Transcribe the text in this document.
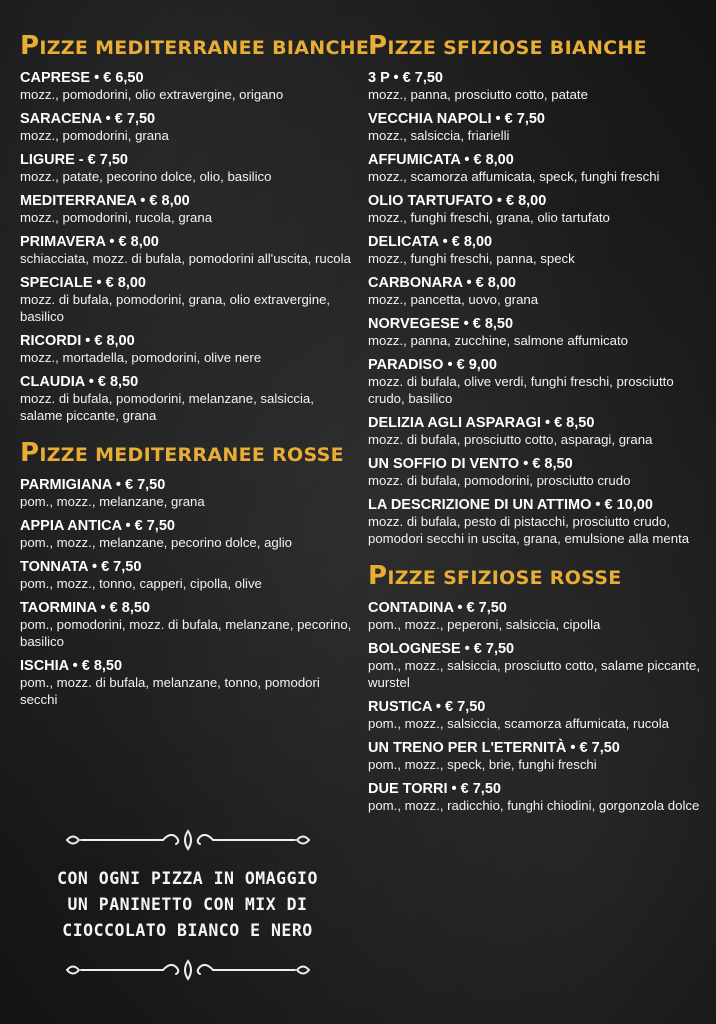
PIZZE MEDITERRANEE BIANCHE
CAPRESE • € 6,50
mozz., pomodorini, olio extravergine, origano
SARACENA • € 7,50
mozz., pomodorini, grana
LIGURE - € 7,50
mozz., patate, pecorino dolce, olio, basilico
MEDITERRANEA • € 8,00
mozz., pomodorini, rucola, grana
PRIMAVERA • € 8,00
schiacciata, mozz. di bufala, pomodorini all'uscita, rucola
SPECIALE • € 8,00
mozz. di bufala, pomodorini, grana, olio extravergine, basilico
RICORDI • € 8,00
mozz., mortadella, pomodorini, olive nere
CLAUDIA • € 8,50
mozz. di bufala, pomodorini, melanzane, salsiccia, salame piccante, grana
PIZZE MEDITERRANEE ROSSE
PARMIGIANA • € 7,50
pom., mozz., melanzane, grana
APPIA ANTICA • € 7,50
pom., mozz., melanzane, pecorino dolce, aglio
TONNATA • € 7,50
pom., mozz., tonno, capperi, cipolla, olive
TAORMINA • € 8,50
pom., pomodorini, mozz. di bufala, melanzane, pecorino, basilico
ISCHIA • € 8,50
pom., mozz. di bufala, melanzane, tonno, pomodori secchi
PIZZE SFIZIOSE BIANCHE
3 P • € 7,50
mozz., panna, prosciutto cotto, patate
VECCHIA NAPOLI • € 7,50
mozz., salsiccia, friarielli
AFFUMICATA • € 8,00
mozz., scamorza affumicata, speck, funghi freschi
OLIO TARTUFATO • € 8,00
mozz., funghi freschi, grana, olio tartufato
DELICATA • € 8,00
mozz., funghi freschi, panna, speck
CARBONARA • € 8,00
mozz., pancetta, uovo, grana
NORVEGESE • € 8,50
mozz., panna, zucchine, salmone affumicato
PARADISO • € 9,00
mozz. di bufala, olive verdi, funghi freschi, prosciutto crudo, basilico
DELIZIA AGLI ASPARAGI • € 8,50
mozz. di bufala, prosciutto cotto, asparagi, grana
UN SOFFIO DI VENTO • € 8,50
mozz. di bufala, pomodorini, prosciutto crudo
LA DESCRIZIONE DI UN ATTIMO • € 10,00
mozz. di bufala, pesto di pistacchi, prosciutto crudo, pomodori secchi in uscita, grana, emulsione alla menta
PIZZE SFIZIOSE ROSSE
CONTADINA • € 7,50
pom., mozz., peperoni, salsiccia, cipolla
BOLOGNESE • € 7,50
pom., mozz., salsiccia, prosciutto cotto, salame piccante, wurstel
RUSTICA • € 7,50
pom., mozz., salsiccia, scamorza affumicata, rucola
UN TRENO PER L'ETERNITÀ • € 7,50
pom., mozz., speck, brie, funghi freschi
DUE TORRI • € 7,50
pom., mozz., radicchio, funghi chiodini, gorgonzola dolce
CON OGNI PIZZA IN OMAGGIO
UN PANINETTO CON MIX DI
CIOCCOLATO BIANCO E NERO
